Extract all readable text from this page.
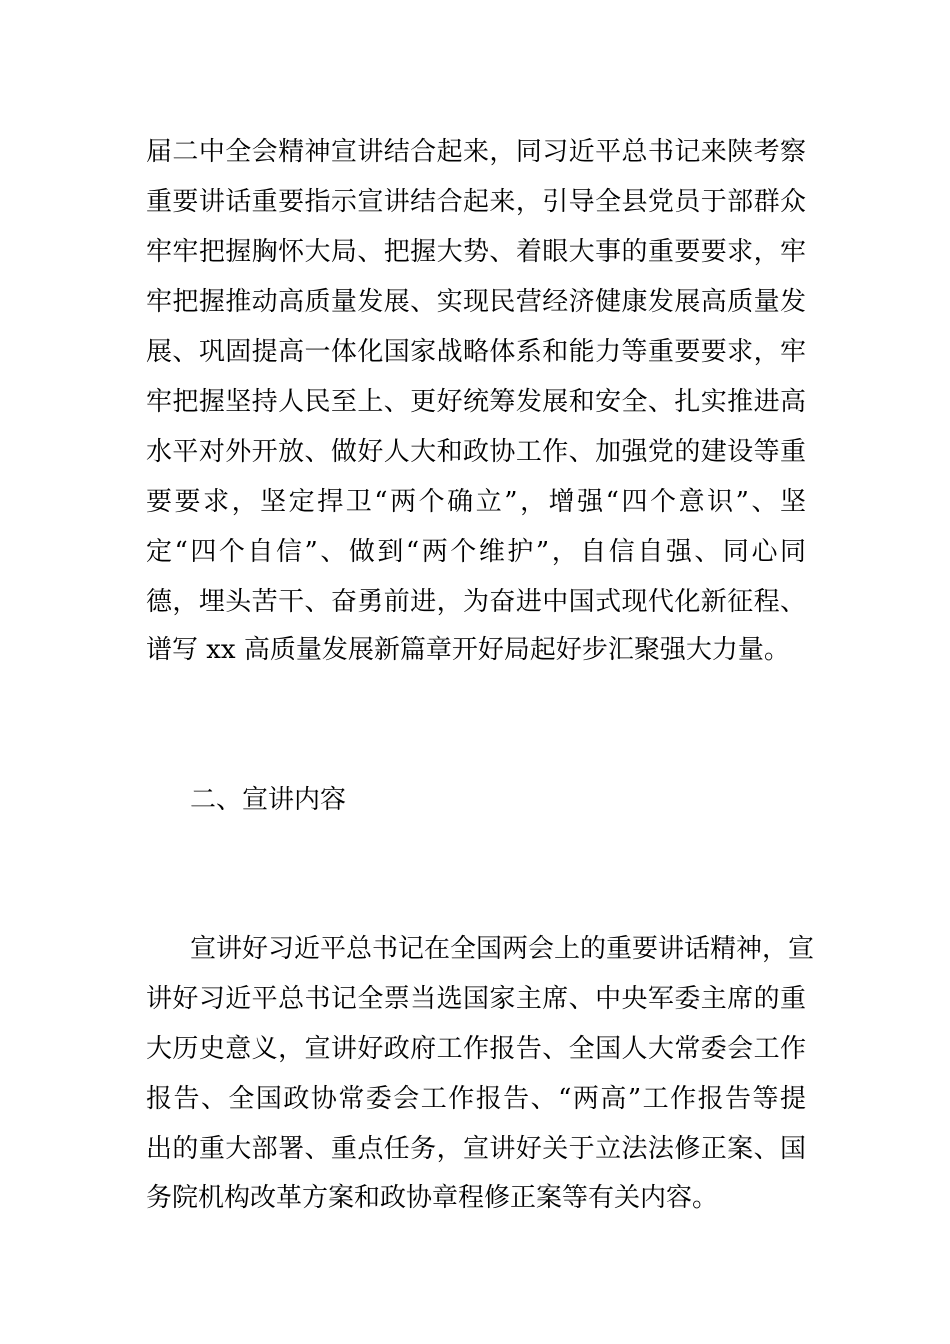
届二中全会精神宣讲结合起来，同习近平总书记来陕考察

重要讲话重要指示宣讲结合起来，引导全县党员于部群众

牢牢把握胸怀大局、把握大势、着眼大事的重要要求，牢

牢把握推动高质量发展、实现民营经济健康发展高质量发

展、巩固提高一体化国家战略体系和能力等重要要求，牢

牢把握坚持人民至上、更好统筹发展和安全、扎实推进高

水平对外开放、做好人大和政协工作、加强党的建设等重

要要求，坚定捍卫“两个确立”，增强“四个意识”、坚

定“四个自信”、做到“两个维护”，自信自强、同心同

德，埋头苦干、奋勇前进，为奋进中国式现代化新征程、

谱写 xx 高质量发展新篇章开好局起好步汇聚强大力量。

二、宣讲内容

宣讲好习近平总书记在全国两会上的重要讲话精神，宣

讲好习近平总书记全票当选国家主席、中央军委主席的重

大历史意义，宣讲好政府工作报告、全国人大常委会工作

报告、全国政协常委会工作报告、“两高”工作报告等提

出的重大部署、重点任务，宣讲好关于立法法修正案、国

务院机构改革方案和政协章程修正案等有关内容。
